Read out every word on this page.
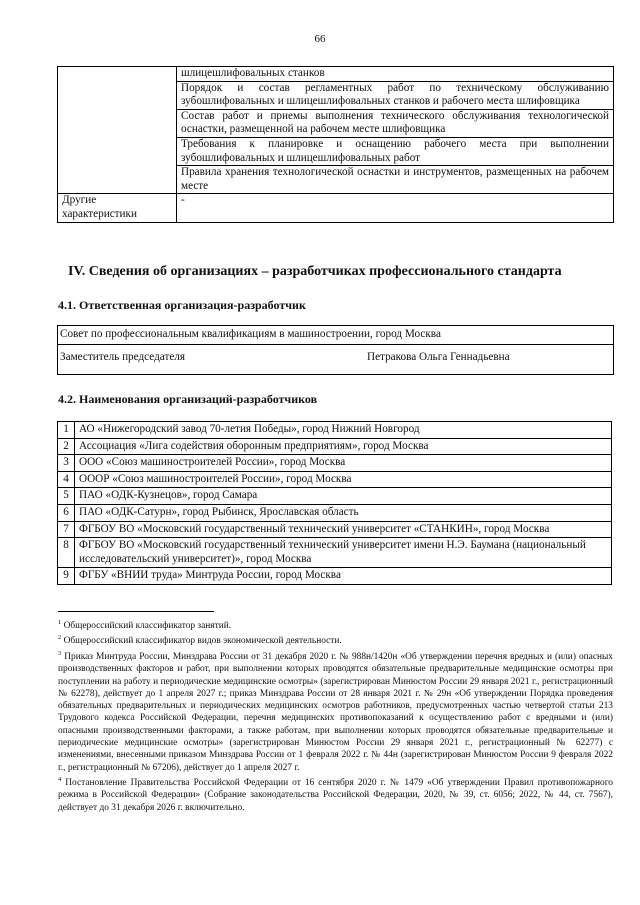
66
	шлицешлифовальных станков
	Порядок и состав регламентных работ по техническому обслуживанию зубошлифовальных и шлицешлифовальных станков и рабочего места шлифовщика
	Состав работ и приемы выполнения технического обслуживания технологической оснастки, размещенной на рабочем месте шлифовщика
	Требования к планировке и оснащению рабочего места при выполнении зубошлифовальных и шлицешлифовальных работ
	Правила хранения технологической оснастки и инструментов, размещенных на рабочем месте
Другие характеристики	-
IV. Сведения об организациях – разработчиках профессионального стандарта
4.1. Ответственная организация-разработчик
Совет по профессиональным квалификациям в машиностроении, город Москва
Заместитель председателя	Петракова Ольга Геннадьевна
4.2. Наименования организаций-разработчиков
1	АО «Нижегородский завод 70-летия Победы», город Нижний Новгород
2	Ассоциация «Лига содействия оборонным предприятиям», город Москва
3	ООО «Союз машиностроителей России», город Москва
4	ОООР «Союз машиностроителей России», город Москва
5	ПАО «ОДК-Кузнецов», город Самара
6	ПАО «ОДК-Сатурн», город Рыбинск, Ярославская область
7	ФГБОУ ВО «Московский государственный технический университет «СТАНКИН», город Москва
8	ФГБОУ ВО «Московский государственный технический университет имени Н.Э. Баумана (национальный исследовательский университет)», город Москва
9	ФГБУ «ВНИИ труда» Минтруда России, город Москва

$^1$ Общероссийский классификатор занятий.

$^2$ Общероссийский классификатор видов экономической деятельности.

$^3$ Приказ Минтруда России, Минздрава России от 31 декабря 2020 г. № 988н/1420н «Об утверждении перечня вредных и (или) опасных производственных факторов и работ, при выполнении которых проводятся обязательные предварительные медицинские осмотры при поступлении на работу и периодические медицинские осмотры» (зарегистрирован Минюстом России 29 января 2021 г., регистрационный № 62278), действует до 1 апреля 2027 г.; приказ Минздрава России от 28 января 2021 г. № 29н «Об утверждении Порядка проведения обязательных предварительных и периодических медицинских осмотров работников, предусмотренных частью четвертой статьи 213 Трудового кодекса Российской Федерации, перечня медицинских противопоказаний к осуществлению работ с вредными и (или) опасными производственными факторами, а также работам, при выполнении которых проводятся обязательные предварительные и периодические медицинские осмотры» (зарегистрирован Минюстом России 29 января 2021 г., регистрационный № 62277) с изменениями, внесенными приказом Минздрава России от 1 февраля 2022 г. № 44н (зарегистрирован Минюстом России 9 февраля 2022 г., регистрационный № 67206), действует до 1 апреля 2027 г.

$^4$ Постановление Правительства Российской Федерации от 16 сентября 2020 г. № 1479 «Об утверждении Правил противопожарного режима в Российской Федерации» (Собрание законодательства Российской Федерации, 2020, № 39, ст. 6056; 2022, № 44, ст. 7567), действует до 31 декабря 2026 г. включительно.
